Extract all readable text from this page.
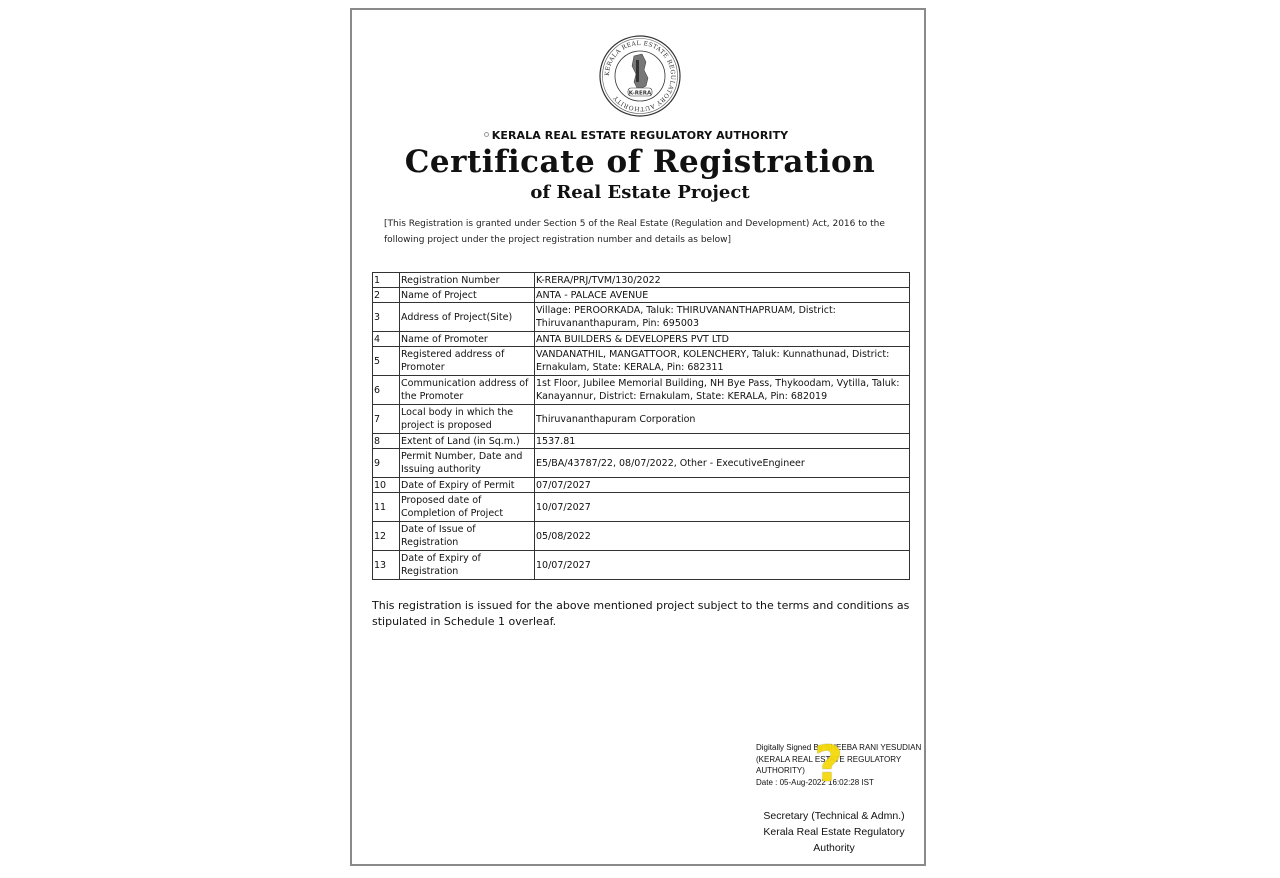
KERALA REAL ESTATE REGULATORY AUTHORITY
K-RERA
KERALA REAL ESTATE REGULATORY AUTHORITY
Certificate of Registration
of Real Estate Project
[This Registration is granted under Section 5 of the Real Estate (Regulation and Development) Act, 2016 to the following project under the project registration number and details as below]
1	Registration Number	K-RERA/PRJ/TVM/130/2022
2	Name of Project	ANTA - PALACE AVENUE
3	Address of Project(Site)	Village: PEROORKADA, Taluk: THIRUVANANTHAPRUAM, District: Thiruvananthapuram, Pin: 695003
4	Name of Promoter	ANTA BUILDERS & DEVELOPERS PVT LTD
5	Registered address of Promoter	VANDANATHIL, MANGATTOOR, KOLENCHERY, Taluk: Kunnathunad, District: Ernakulam, State: KERALA, Pin: 682311
6	Communication address of the Promoter	1st Floor, Jubilee Memorial Building, NH Bye Pass, Thykoodam, Vytilla, Taluk: Kanayannur, District: Ernakulam, State: KERALA, Pin: 682019
7	Local body in which the project is proposed	Thiruvananthapuram Corporation
8	Extent of Land (in Sq.m.)	1537.81
9	Permit Number, Date and Issuing authority	E5/BA/43787/22, 08/07/2022, Other - ExecutiveEngineer
10	Date of Expiry of Permit	07/07/2027
11	Proposed date of Completion of Project	10/07/2027
12	Date of Issue of Registration	05/08/2022
13	Date of Expiry of Registration	10/07/2027
This registration is issued for the above mentioned project subject to the terms and conditions as stipulated in Schedule 1 overleaf.
Digitally Signed By SHEEBA RANI YESUDIAN
(KERALA REAL ESTATE REGULATORY
AUTHORITY)
Date : 05-Aug-2022 16:02:28 IST
?
Secretary (Technical & Admn.)
Kerala Real Estate Regulatory
Authority
